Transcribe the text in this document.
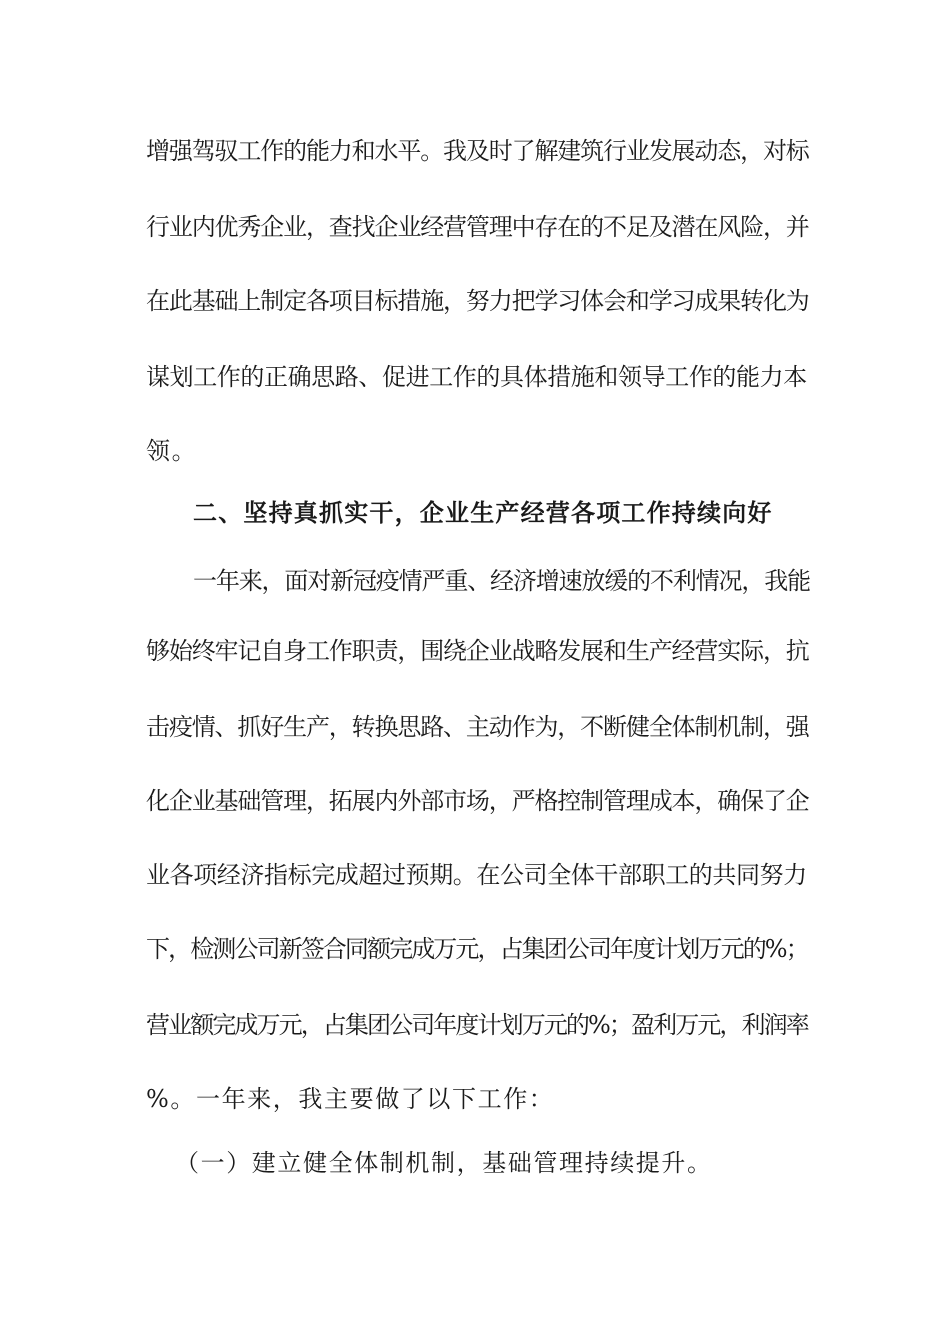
增强驾驭工作的能力和水平。我及时了解建筑行业发展动态，对标
行业内优秀企业，查找企业经营管理中存在的不足及潜在风险，并
在此基础上制定各项目标措施，努力把学习体会和学习成果转化为
谋划工作的正确思路、促进工作的具体措施和领导工作的能力本
领。
二、坚持真抓实干，企业生产经营各项工作持续向好
一年来，面对新冠疫情严重、经济增速放缓的不利情况，我能
够始终牢记自身工作职责，围绕企业战略发展和生产经营实际，抗
击疫情、抓好生产，转换思路、主动作为，不断健全体制机制，强
化企业基础管理，拓展内外部市场，严格控制管理成本，确保了企
业各项经济指标完成超过预期。在公司全体干部职工的共同努力
下，检测公司新签合同额完成万元，占集团公司年度计划万元的%；
营业额完成万元，占集团公司年度计划万元的%；盈利万元，利润率
%。一年来，我主要做了以下工作：
（一）建立健全体制机制，基础管理持续提升。
